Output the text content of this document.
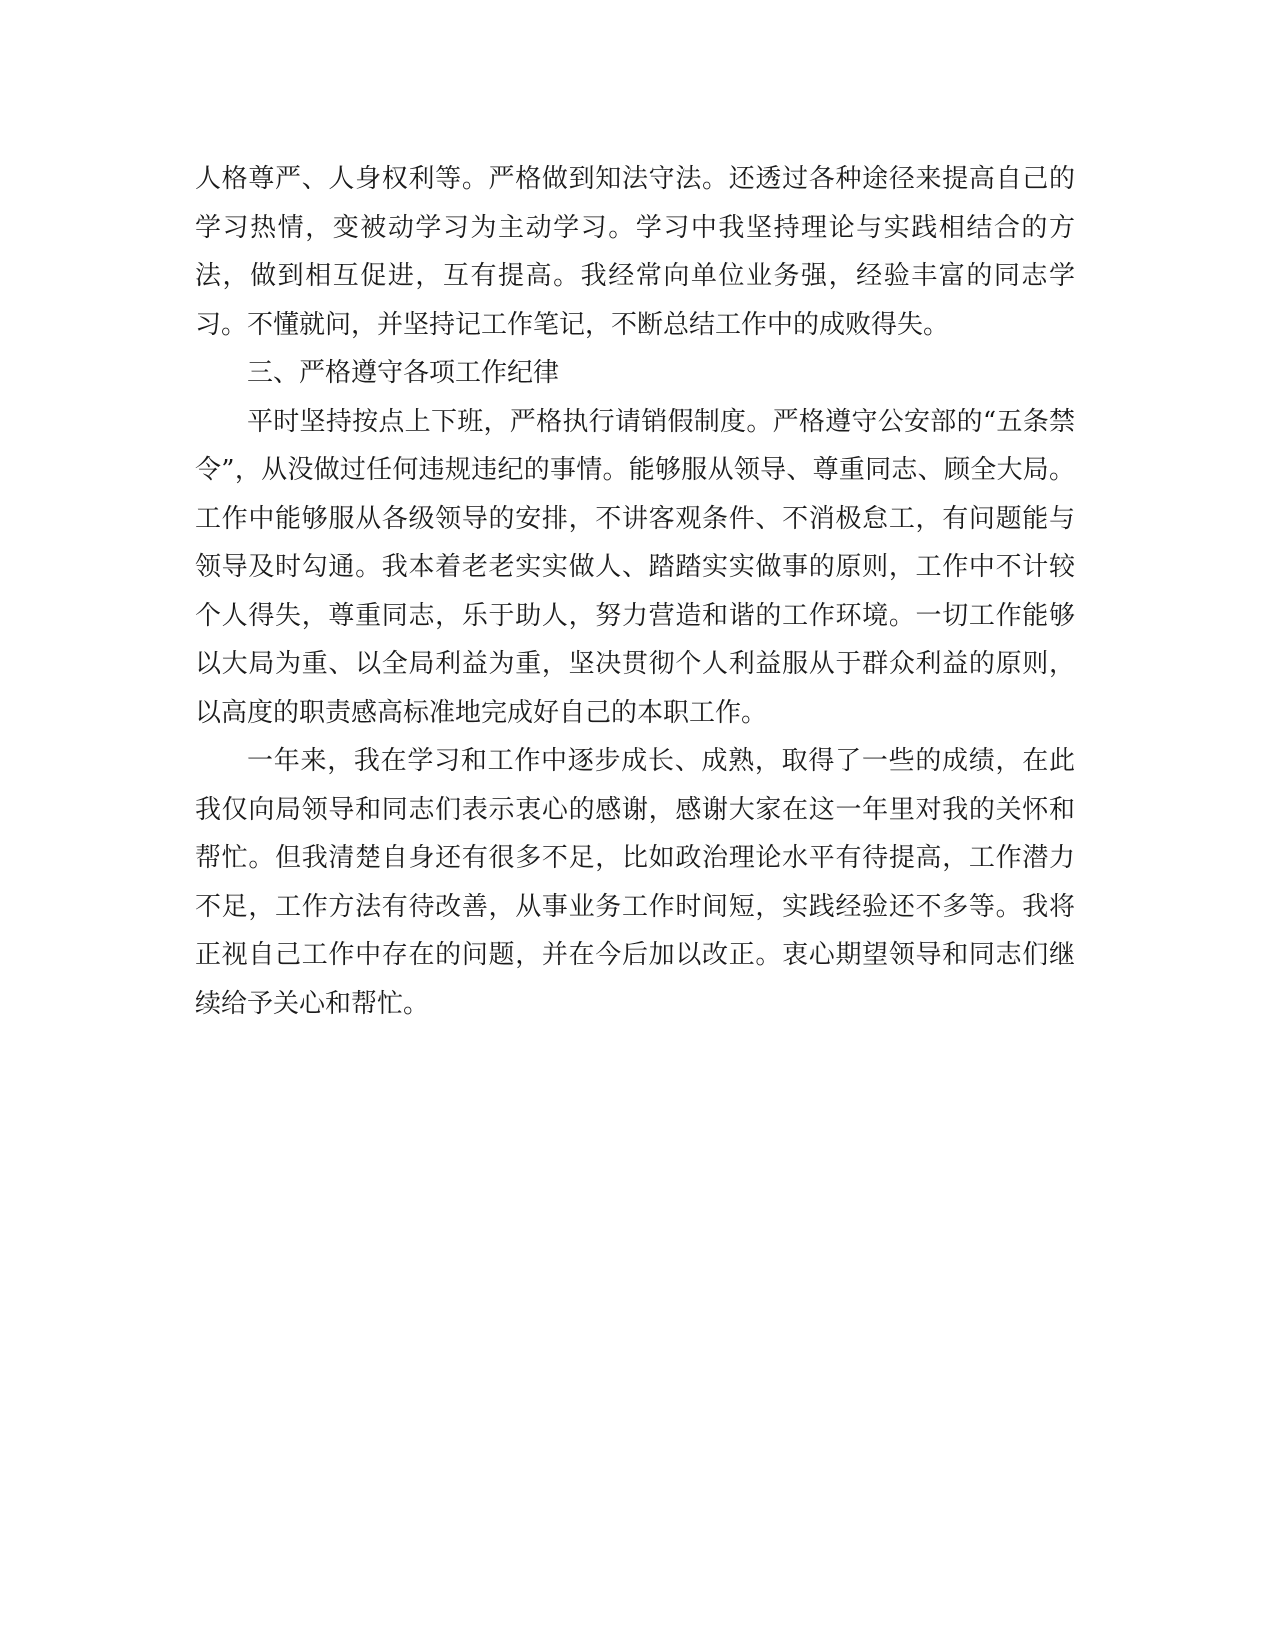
人格尊严、人身权利等。严格做到知法守法。还透过各种途径来提高自己的学习热情，变被动学习为主动学习。学习中我坚持理论与实践相结合的方法，做到相互促进，互有提高。我经常向单位业务强，经验丰富的同志学习。不懂就问，并坚持记工作笔记，不断总结工作中的成败得失。

三、严格遵守各项工作纪律

平时坚持按点上下班，严格执行请销假制度。严格遵守公安部的“五条禁令”，从没做过任何违规违纪的事情。能够服从领导、尊重同志、顾全大局。工作中能够服从各级领导的安排，不讲客观条件、不消极怠工，有问题能与领导及时勾通。我本着老老实实做人、踏踏实实做事的原则，工作中不计较个人得失，尊重同志，乐于助人，努力营造和谐的工作环境。一切工作能够以大局为重、以全局利益为重，坚决贯彻个人利益服从于群众利益的原则，以高度的职责感高标准地完成好自己的本职工作。

一年来，我在学习和工作中逐步成长、成熟，取得了一些的成绩，在此我仅向局领导和同志们表示衷心的感谢，感谢大家在这一年里对我的关怀和帮忙。但我清楚自身还有很多不足，比如政治理论水平有待提高，工作潜力不足，工作方法有待改善，从事业务工作时间短，实践经验还不多等。我将正视自己工作中存在的问题，并在今后加以改正。衷心期望领导和同志们继续给予关心和帮忙。
